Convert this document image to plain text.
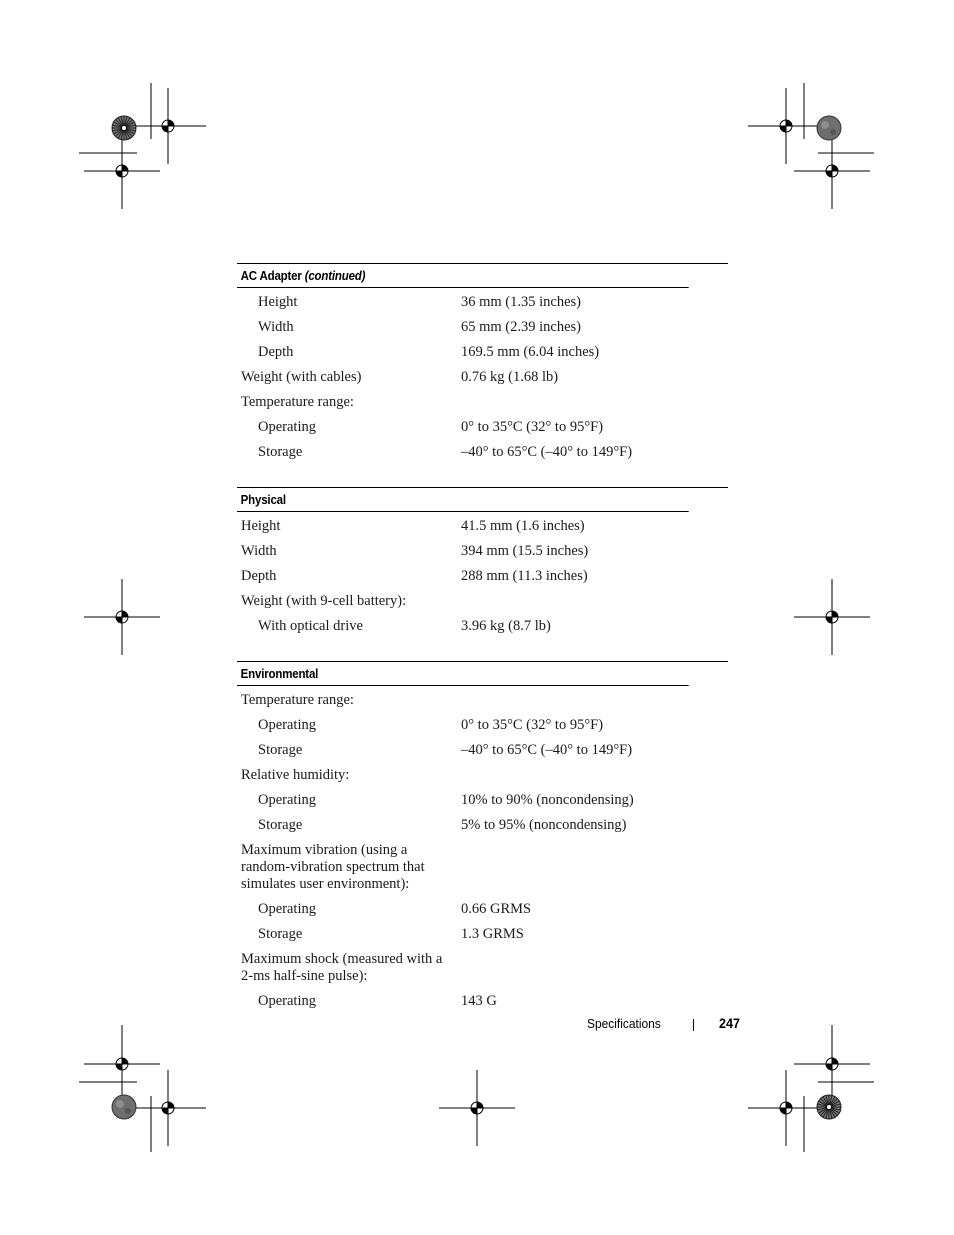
AC Adapter (continued)
Height	36 mm (1.35 inches)
Width	65 mm (2.39 inches)
Depth	169.5 mm (6.04 inches)
Weight (with cables)	0.76 kg (1.68 lb)
Temperature range:
Operating	0° to 35°C (32° to 95°F)
Storage	–40° to 65°C (–40° to 149°F)
Physical
Height	41.5 mm (1.6 inches)
Width	394 mm (15.5 inches)
Depth	288 mm (11.3 inches)
Weight (with 9-cell battery):
With optical drive	3.96 kg (8.7 lb)
Environmental
Temperature range:
Operating	0° to 35°C (32° to 95°F)
Storage	–40° to 65°C (–40° to 149°F)
Relative humidity:
Operating	10% to 90% (noncondensing)
Storage	5% to 95% (noncondensing)
Maximum vibration (using a random-vibration spectrum that simulates user environment):
Operating	0.66 GRMS
Storage	1.3 GRMS
Maximum shock (measured with a 2-ms half-sine pulse):
Operating	143 G
Specifications	247
